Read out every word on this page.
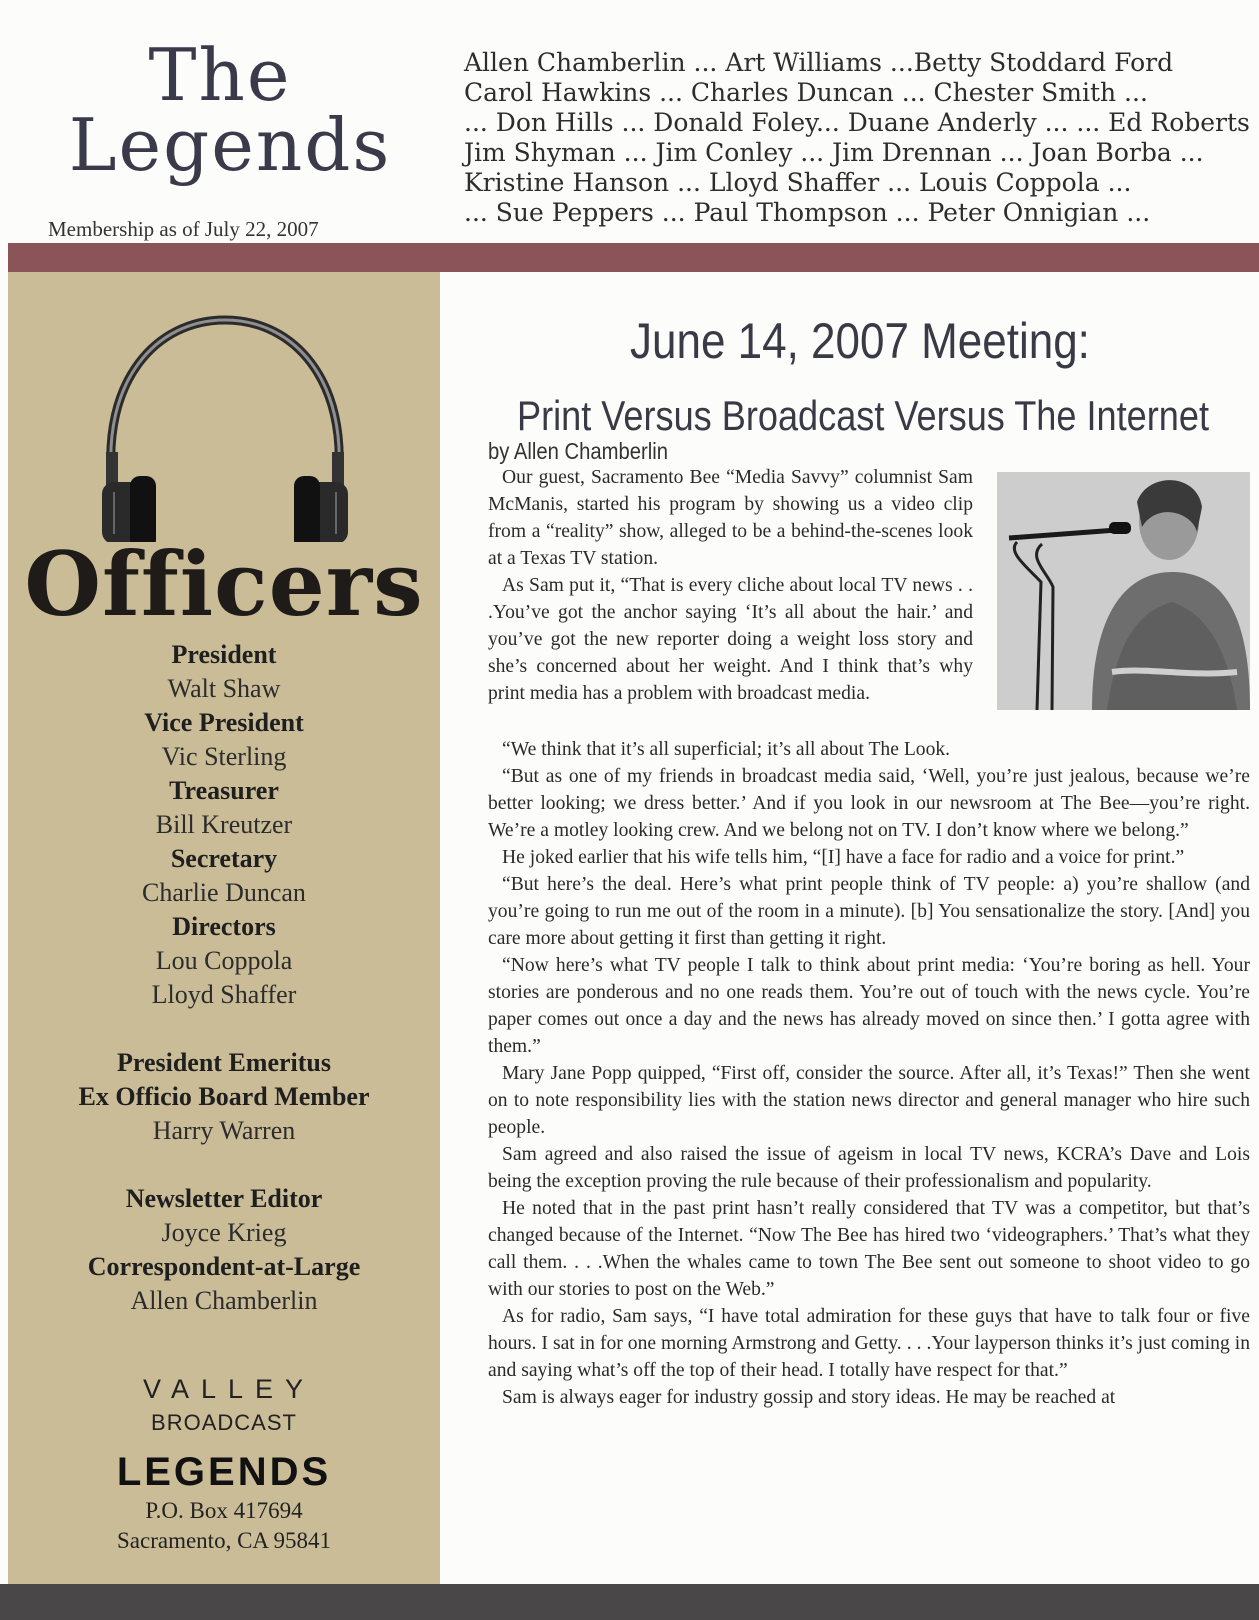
The
Legends
Membership as of July 22, 2007
Allen Chamberlin ... Art Williams ...Betty Stoddard Ford
Carol Hawkins ... Charles Duncan ... Chester Smith ...
... Don Hills ... Donald Foley... Duane Anderly ... ... Ed Roberts
Jim Shyman ... Jim Conley ... Jim Drennan ... Joan Borba ...
Kristine Hanson ... Lloyd Shaffer ... Louis Coppola ...
... Sue Peppers ... Paul Thompson ... Peter Onnigian ...
Officers
President
Walt Shaw
Vice President
Vic Sterling
Treasurer
Bill Kreutzer
Secretary
Charlie Duncan
Directors
Lou Coppola
Lloyd Shaffer
President Emeritus
Ex Officio Board Member
Harry Warren
Newsletter Editor
Joyce Krieg
Correspondent-at-Large
Allen Chamberlin
VALLEY
BROADCAST
LEGENDS
P.O. Box 417694
Sacramento, CA 95841
June 14, 2007 Meeting:
Print Versus Broadcast Versus The Internet
by Allen Chamberlin

Our guest, Sacramento Bee “Media Savvy” columnist Sam McManis, started his program by showing us a video clip from a “reality” show, alleged to be a behind-the-scenes look at a Texas TV station.

As Sam put it, “That is every cliche about local TV news . . .You’ve got the anchor saying ‘It’s all about the hair.’ and you’ve got the new reporter doing a weight loss story and she’s concerned about her weight. And I think that’s why print media has a problem with broadcast media.

“We think that it’s all superficial; it’s all about The Look.

“But as one of my friends in broadcast media said, ‘Well, you’re just jealous, because we’re better looking; we dress better.’ And if you look in our newsroom at The Bee—you’re right. We’re a motley looking crew. And we belong not on TV. I don’t know where we belong.”

He joked earlier that his wife tells him, “[I] have a face for radio and a voice for print.”

“But here’s the deal. Here’s what print people think of TV people: a) you’re shallow (and you’re going to run me out of the room in a minute). [b] You sensationalize the story. [And] you care more about getting it first than getting it right.

“Now here’s what TV people I talk to think about print media: ‘You’re boring as hell. Your stories are ponderous and no one reads them. You’re out of touch with the news cycle. You’re paper comes out once a day and the news has already moved on since then.’ I gotta agree with them.”

Mary Jane Popp quipped, “First off, consider the source. After all, it’s Texas!” Then she went on to note responsibility lies with the station news director and general manager who hire such people.

Sam agreed and also raised the issue of ageism in local TV news, KCRA’s Dave and Lois being the exception proving the rule because of their professionalism and popularity.

He noted that in the past print hasn’t really considered that TV was a competitor, but that’s changed because of the Internet. “Now The Bee has hired two ‘videographers.’ That’s what they call them. . . .When the whales came to town The Bee sent out someone to shoot video to go with our stories to post on the Web.”

As for radio, Sam says, “I have total admiration for these guys that have to talk four or five hours. I sat in for one morning Armstrong and Getty. . . .Your layperson thinks it’s just coming in and saying what’s off the top of their head. I totally have respect for that.”

Sam is always eager for industry gossip and story ideas. He may be reached at
